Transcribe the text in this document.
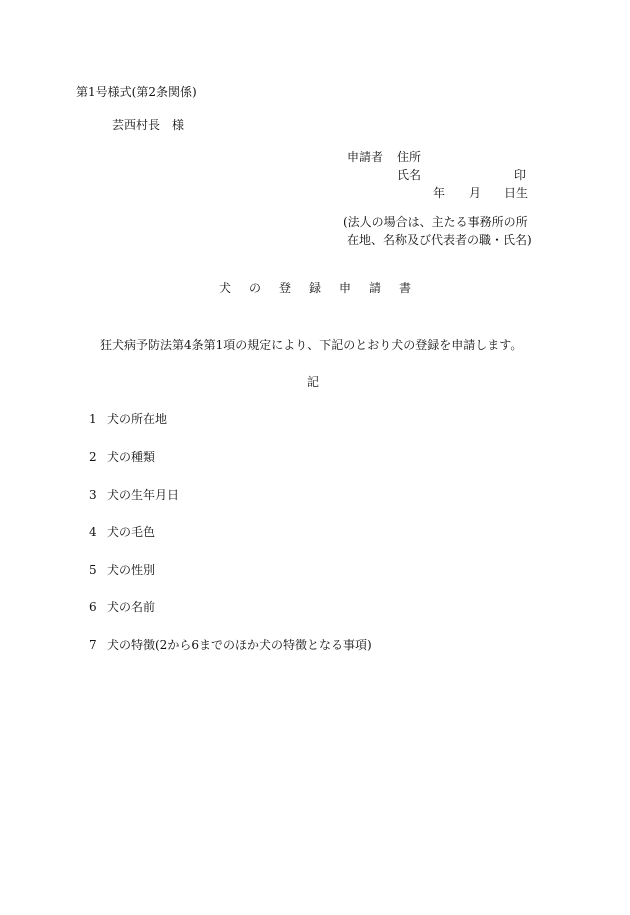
第1号様式(第2条関係)
芸西村長　様
申請者 住所
氏名	印
年 月 日生
(法人の場合は、主たる事務所の所
在地、名称及び代表者の職・氏名)
犬の登録申請書
狂犬病予防法第4条第1項の規定により、下記のとおり犬の登録を申請します。
記
1 犬の所在地
2 犬の種類
3 犬の生年月日
4 犬の毛色
5 犬の性別
6 犬の名前
7 犬の特徴(2から6までのほか犬の特徴となる事項)
